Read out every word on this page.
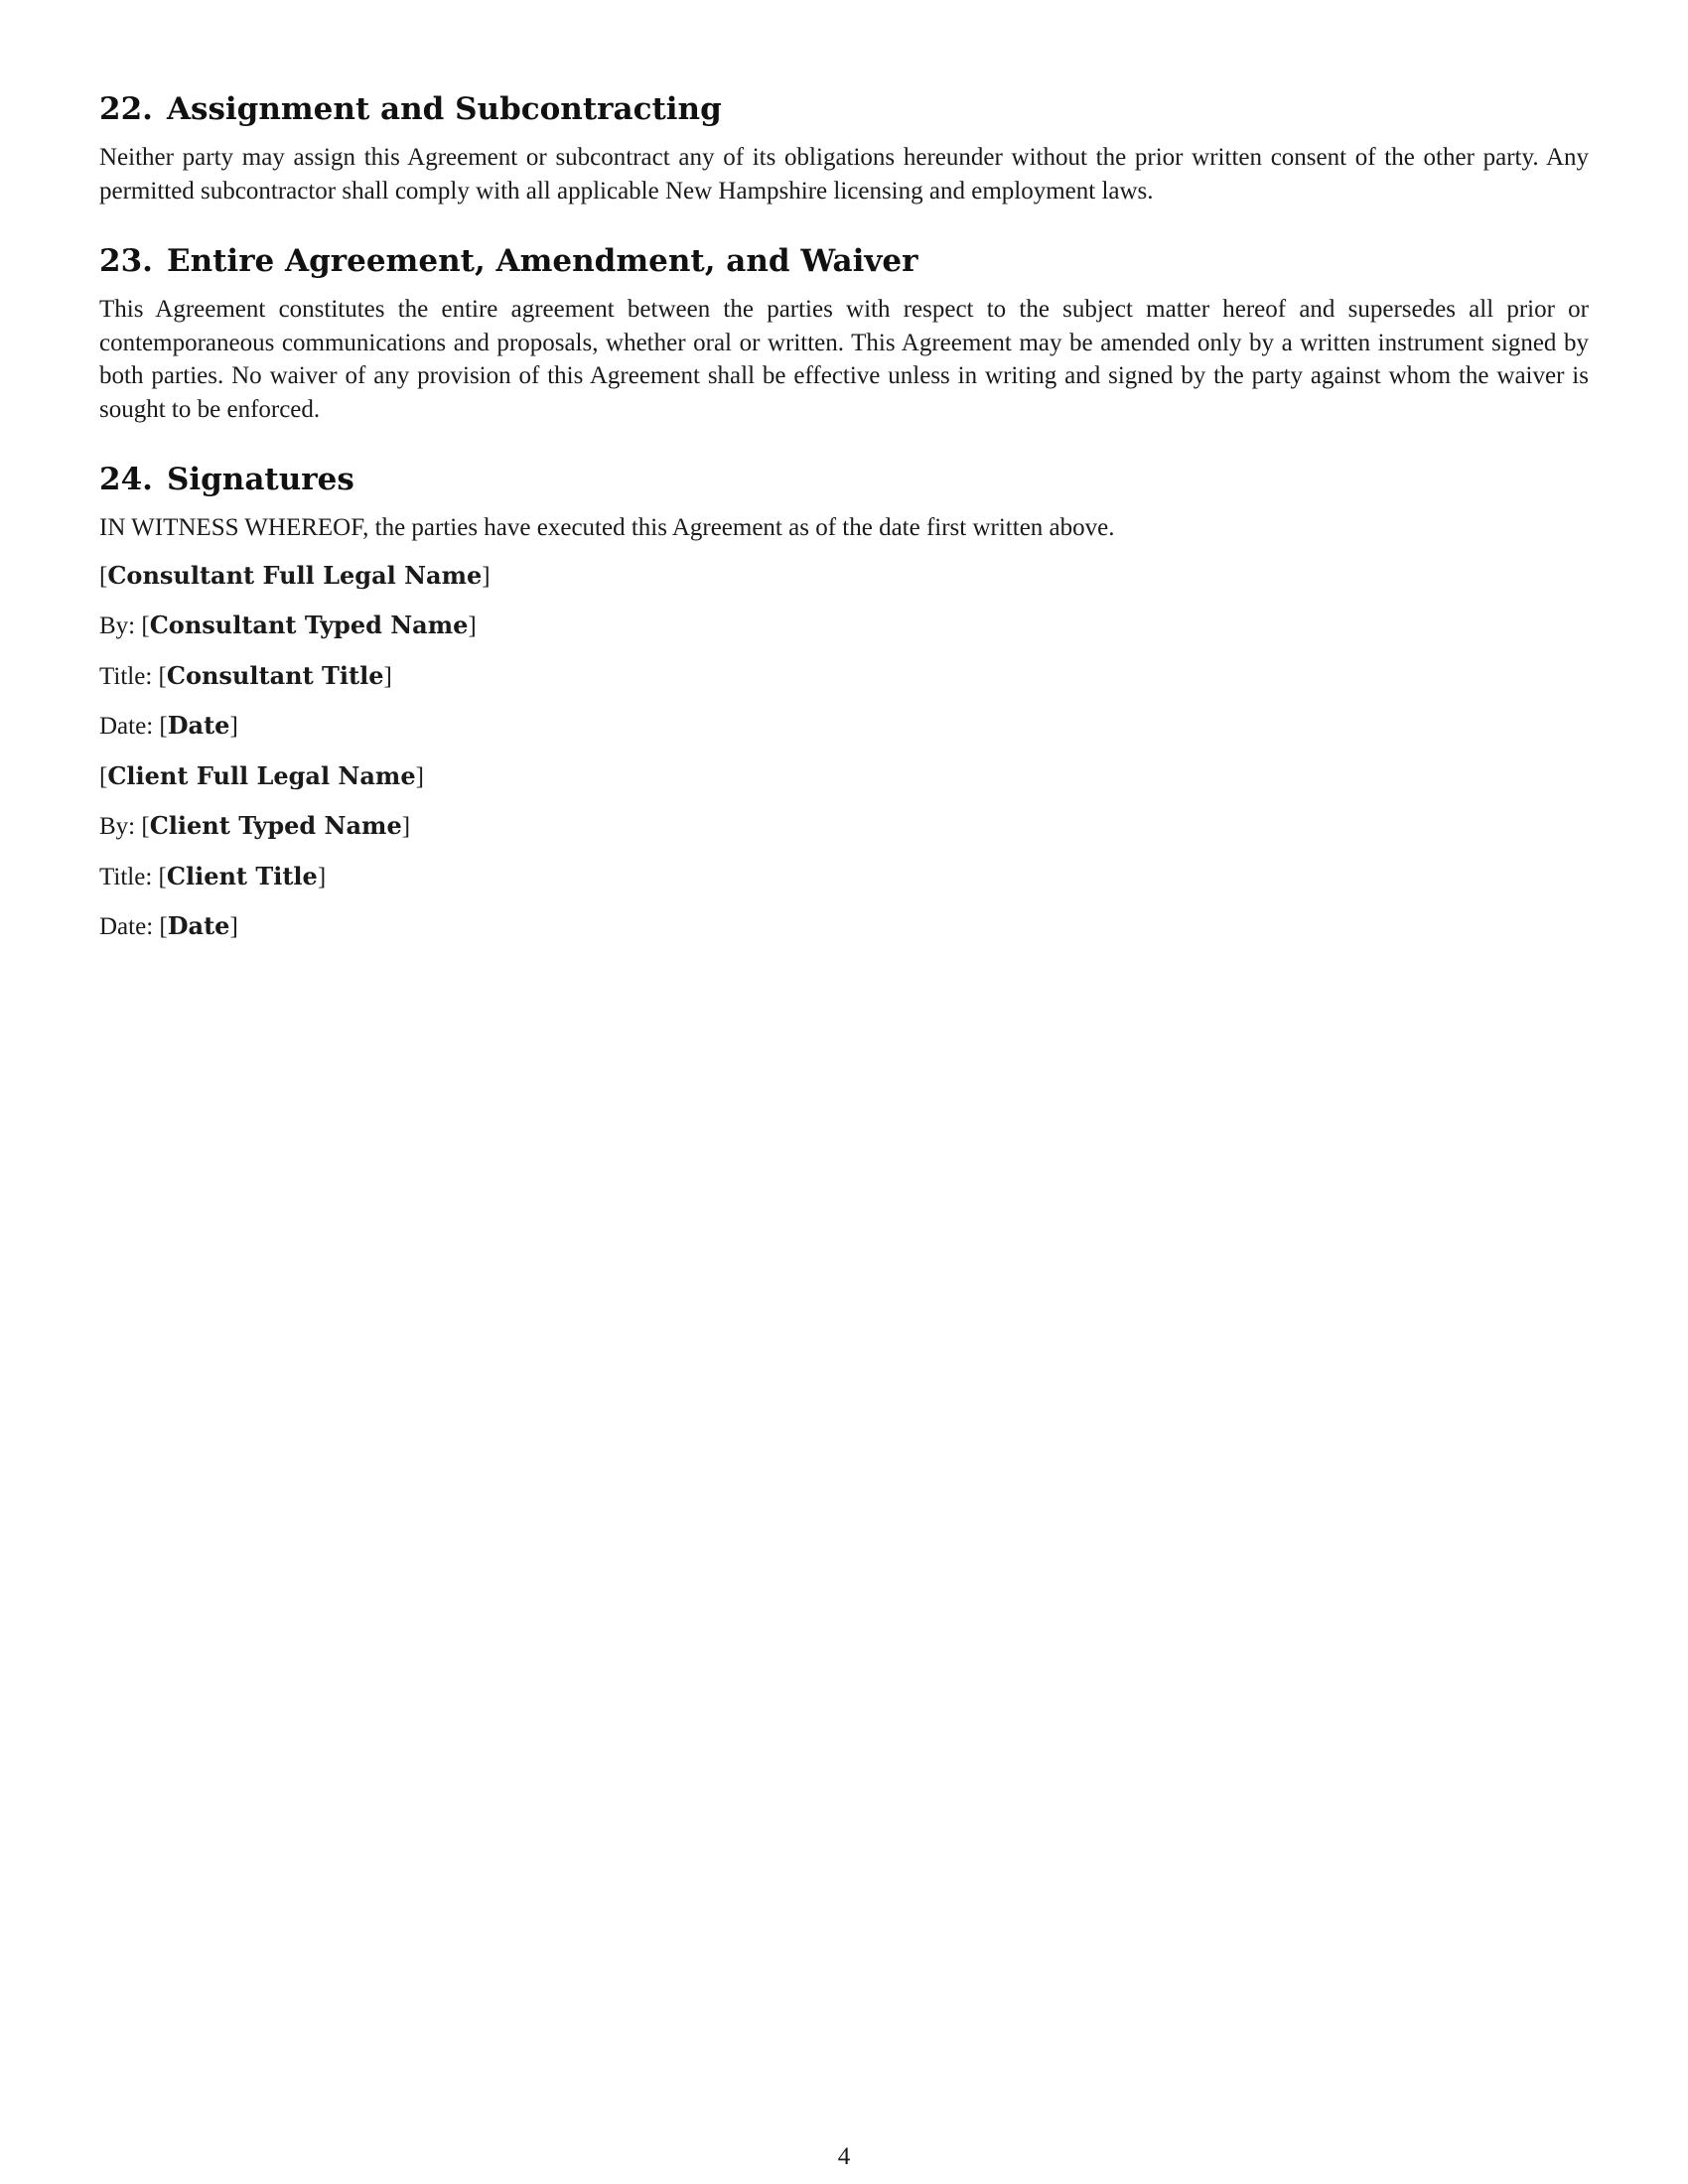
22. Assignment and Subcontracting

Neither party may assign this Agreement or subcontract any of its obligations hereunder without the prior written consent of the other party. Any permitted subcontractor shall comply with all applicable New Hampshire licensing and employment laws.

23. Entire Agreement, Amendment, and Waiver

This Agreement constitutes the entire agreement between the parties with respect to the subject matter hereof and supersedes all prior or contemporaneous communications and proposals, whether oral or written. This Agreement may be amended only by a written instrument signed by both parties. No waiver of any provision of this Agreement shall be effective unless in writing and signed by the party against whom the waiver is sought to be enforced.

24. Signatures

IN WITNESS WHEREOF, the parties have executed this Agreement as of the date first written above.

[Consultant Full Legal Name]

By: [Consultant Typed Name]

Title: [Consultant Title]

Date: [Date]

[Client Full Legal Name]

By: [Client Typed Name]

Title: [Client Title]

Date: [Date]

4
